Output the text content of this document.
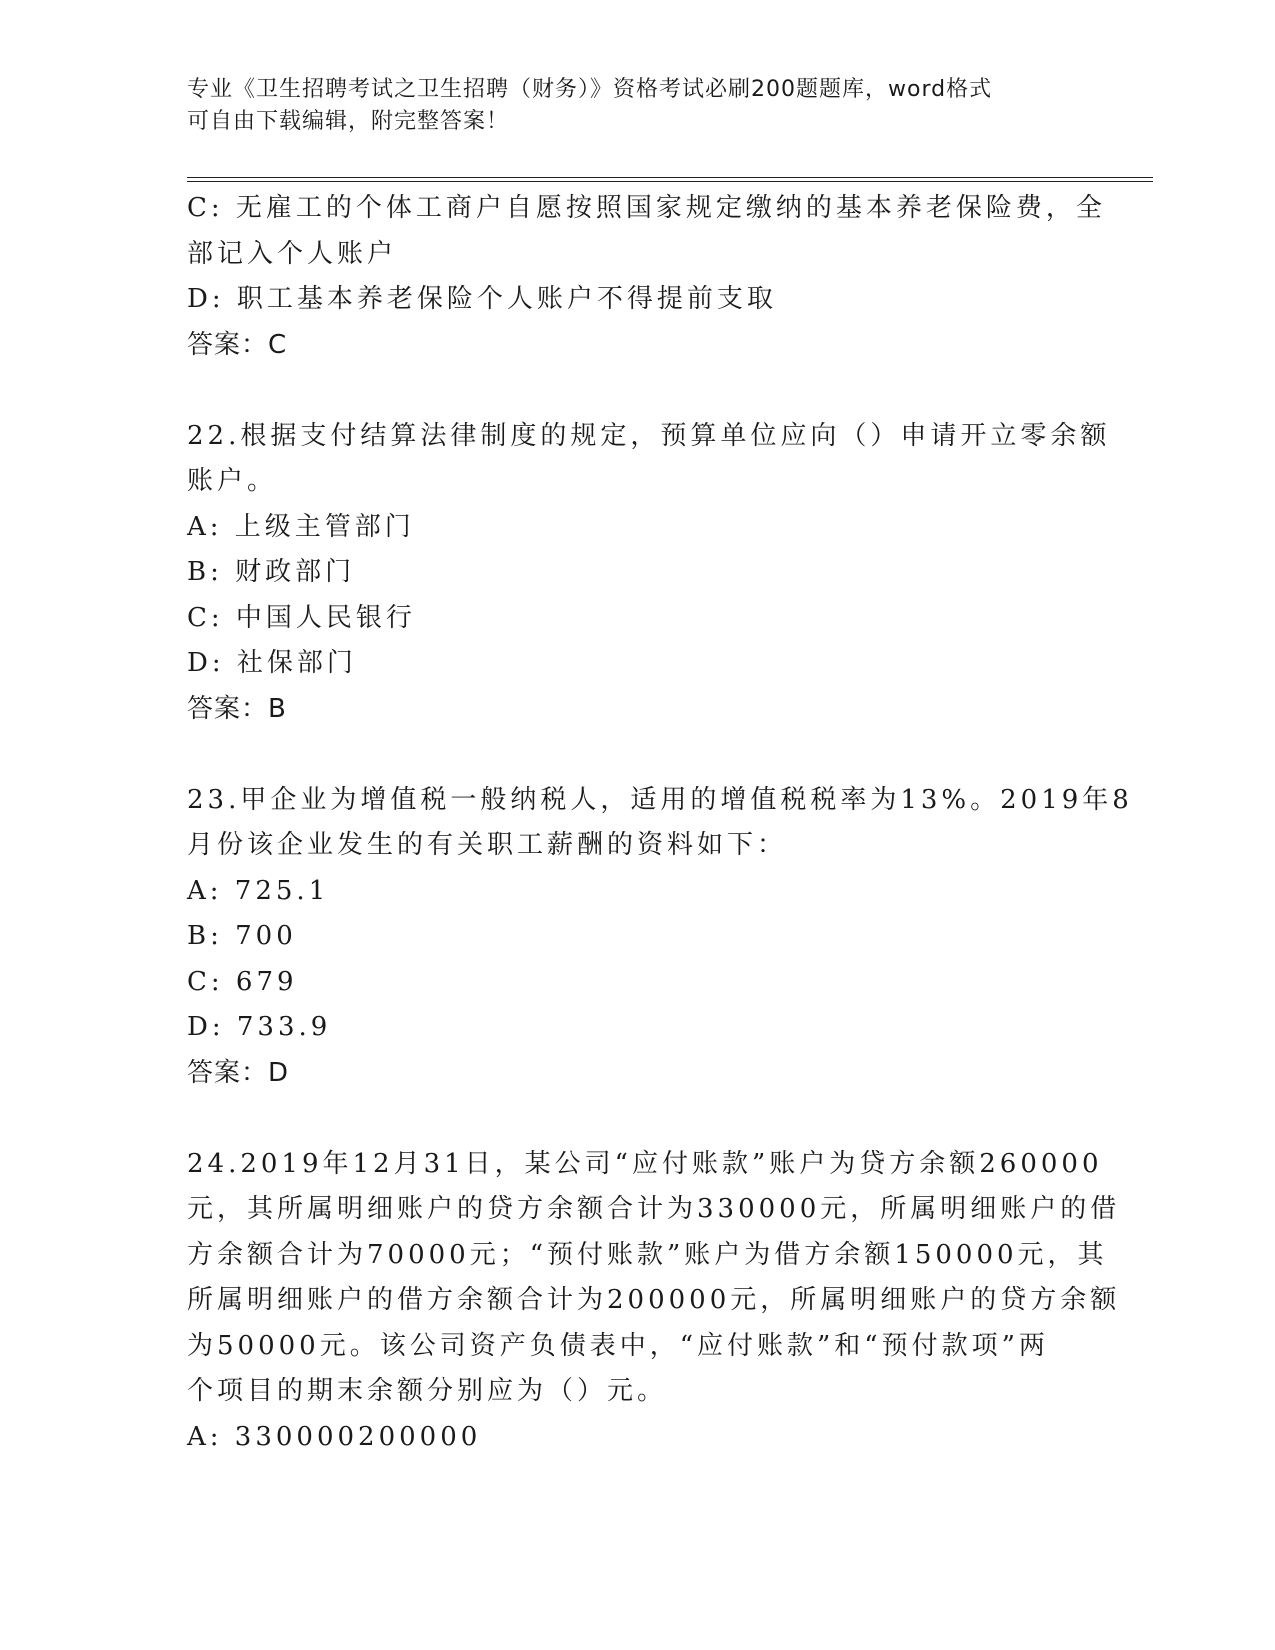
专业《卫生招聘考试之卫生招聘（财务）》资格考试必刷200题题库，word格式
可自由下载编辑，附完整答案！
C: 无雇工的个体工商户自愿按照国家规定缴纳的基本养老保险费，全
部记入个人账户
D: 职工基本养老保险个人账户不得提前支取
答案：C
22.根据支付结算法律制度的规定，预算单位应向（）申请开立零余额
账户。
A: 上级主管部门
B: 财政部门
C: 中国人民银行
D: 社保部门
答案：B
23.甲企业为增值税一般纳税人，适用的增值税税率为13%。2019年8
月份该企业发生的有关职工薪酬的资料如下：
A: 725.1
B: 700
C: 679
D: 733.9
答案：D
24.2019年12月31日，某公司“应付账款”账户为贷方余额260000
元，其所属明细账户的贷方余额合计为330000元，所属明细账户的借
方余额合计为70000元；“预付账款”账户为借方余额150000元，其
所属明细账户的借方余额合计为200000元，所属明细账户的贷方余额
为50000元。该公司资产负债表中，“应付账款”和“预付款项”两
个项目的期末余额分别应为（）元。
A: 330000200000
